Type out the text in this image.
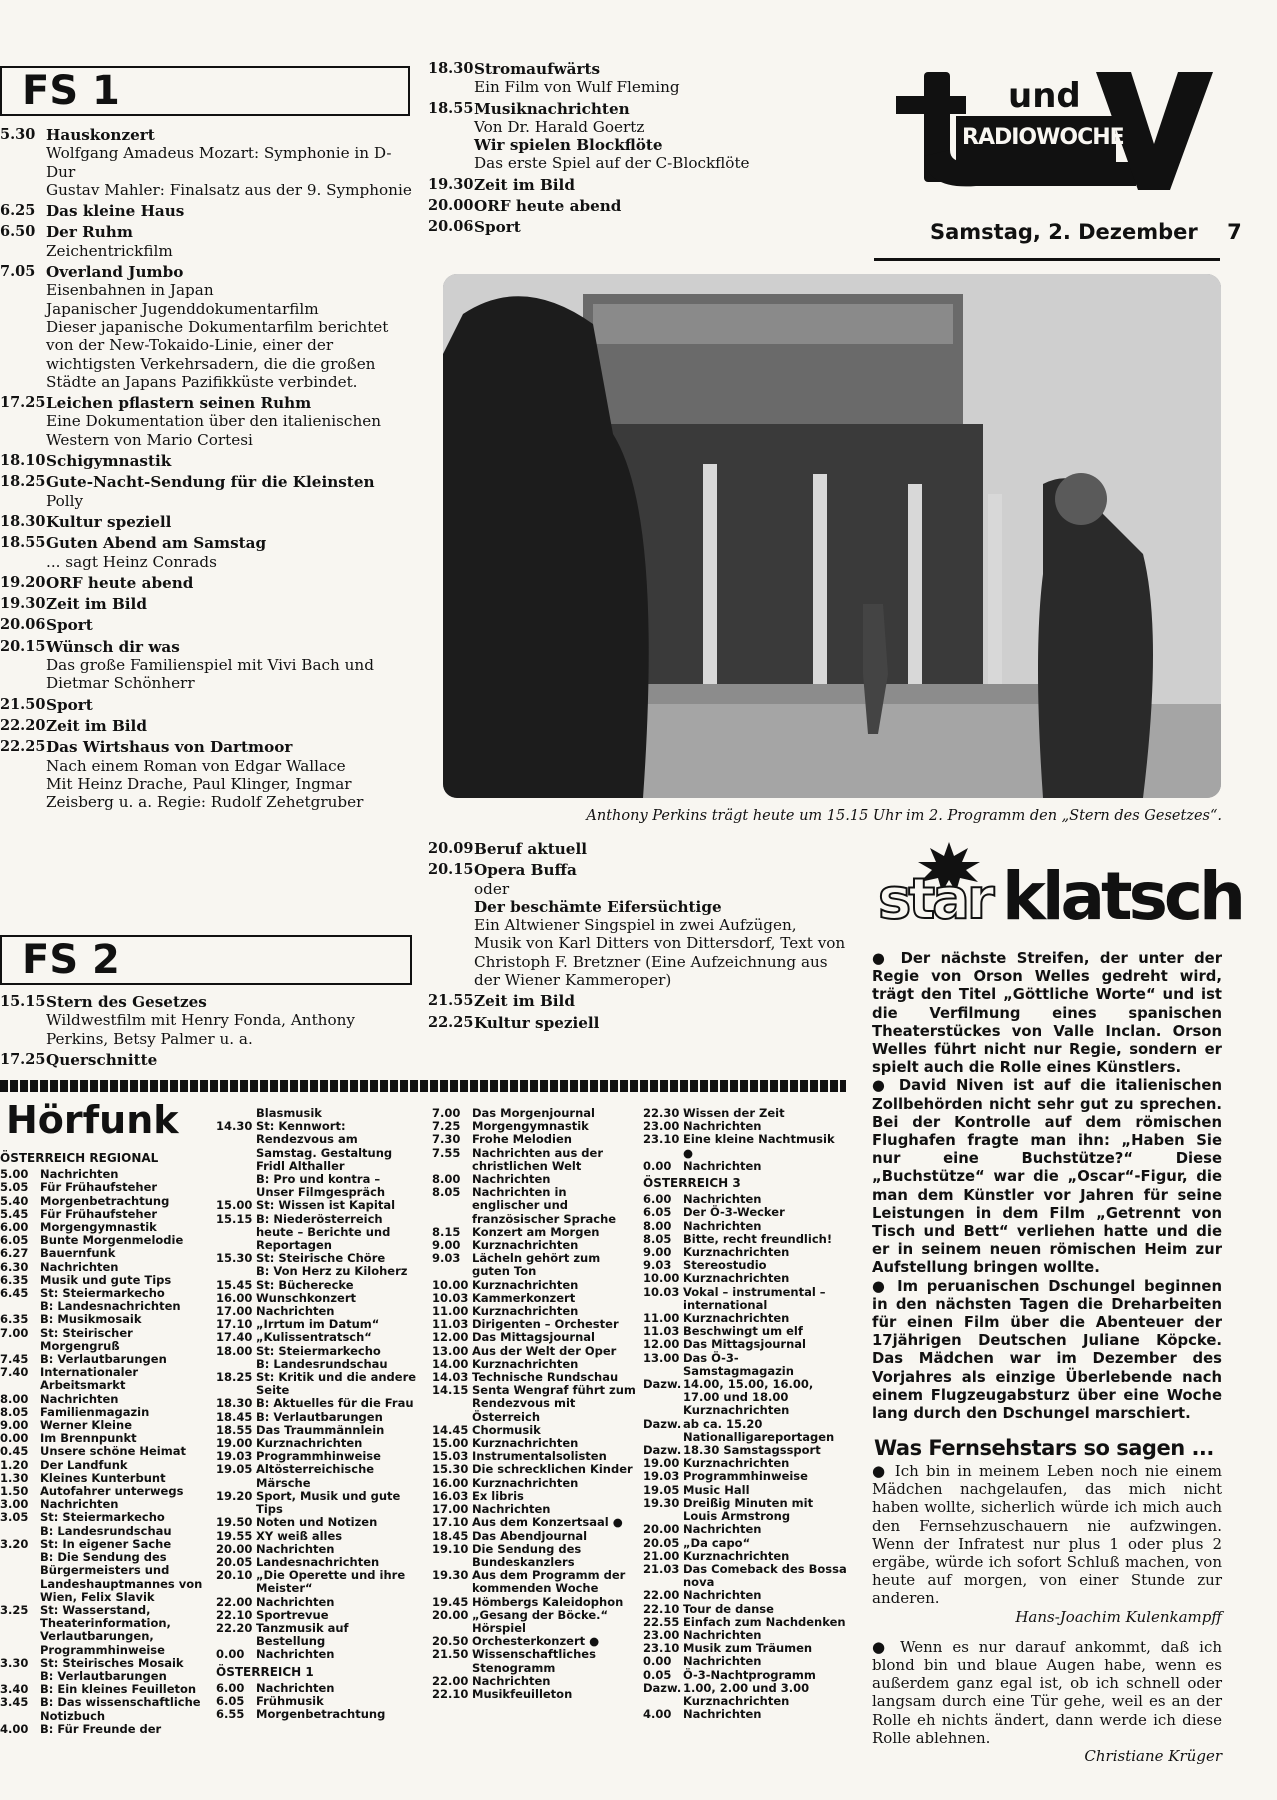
FS 1
5.30 Hauskonzert
Wolfgang Amadeus Mozart: Symphonie in D-Dur
Gustav Mahler: Finalsatz aus der 9. Symphonie
6.25 Das kleine Haus
6.50 Der Ruhm
Zeichentrickfilm
7.05 Overland Jumbo
Eisenbahnen in Japan
Japanischer Jugenddokumentarfilm
Dieser japanische Dokumentarfilm berichtet von der New-Tokaido-Linie, einer der wichtigsten Verkehrsadern, die die großen Städte an Japans Pazifikküste verbindet.
17.25 Leichen pflastern seinen Ruhm
Eine Dokumentation über den italienischen Western von Mario Cortesi
18.10 Schigymnastik
18.25 Gute-Nacht-Sendung für die Kleinsten
Polly
18.30 Kultur speziell
18.55 Guten Abend am Samstag
... sagt Heinz Conrads
19.20 ORF heute abend
19.30 Zeit im Bild
20.06 Sport
20.15 Wünsch dir was
Das große Familienspiel mit Vivi Bach und Dietmar Schönherr
21.50 Sport
22.20 Zeit im Bild
22.25 Das Wirtshaus von Dartmoor
Nach einem Roman von Edgar Wallace
Mit Heinz Drache, Paul Klinger, Ingmar Zeisberg u. a. Regie: Rudolf Zehetgruber
18.30 Stromaufwärts
Ein Film von Wulf Fleming
18.55 Musiknachrichten
Von Dr. Harald Goertz
Wir spielen Blockflöte
Das erste Spiel auf der C-Blockflöte
19.30 Zeit im Bild
20.00 ORF heute abend
20.06 Sport
und
RADIOWOCHE
Samstag, 2. Dezember 7
Anthony Perkins trägt heute um 15.15 Uhr im 2. Programm den „Stern des Gesetzes“.
20.09 Beruf aktuell
20.15 Opera Buffa
oder
Der beschämte Eifersüchtige
Ein Altwiener Singspiel in zwei Aufzügen, Musik von Karl Ditters von Dittersdorf, Text von Christoph F. Bretzner (Eine Aufzeichnung aus der Wiener Kammeroper)
21.55 Zeit im Bild
22.25 Kultur speziell
FS 2
15.15 Stern des Gesetzes
Wildwestfilm mit Henry Fonda, Anthony Perkins, Betsy Palmer u. a.
17.25 Querschnitte
star klatsch

● Der nächste Streifen, der unter der Regie von Orson Welles gedreht wird, trägt den Titel „Göttliche Worte“ und ist die Verfilmung eines spanischen Theaterstückes von Valle Inclan. Orson Welles führt nicht nur Regie, sondern er spielt auch die Rolle eines Künstlers.

● David Niven ist auf die italienischen Zollbehörden nicht sehr gut zu sprechen. Bei der Kontrolle auf dem römischen Flughafen fragte man ihn: „Haben Sie nur eine Buchstütze?“ Diese „Buchstütze“ war die „Oscar“-Figur, die man dem Künstler vor Jahren für seine Leistungen in dem Film „Getrennt von Tisch und Bett“ verliehen hatte und die er in seinem neuen römischen Heim zur Aufstellung bringen wollte.

● Im peruanischen Dschungel beginnen in den nächsten Tagen die Dreharbeiten für einen Film über die Abenteuer der 17jährigen Deutschen Juliane Köpcke. Das Mädchen war im Dezember des Vorjahres als einzige Überlebende nach einem Flugzeugabsturz über eine Woche lang durch den Dschungel marschiert.

Was Fernsehstars so sagen ...

● Ich bin in meinem Leben noch nie einem Mädchen nachgelaufen, das mich nicht haben wollte, sicherlich würde ich mich auch den Fernsehzuschauern nie aufzwingen. Wenn der Infratest nur plus 1 oder plus 2 ergäbe, würde ich sofort Schluß machen, von heute auf morgen, von einer Stunde zur anderen.

Hans-Joachim Kulenkampff

● Wenn es nur darauf ankommt, daß ich blond bin und blaue Augen habe, wenn es außerdem ganz egal ist, ob ich schnell oder langsam durch eine Tür gehe, weil es an der Rolle eh nichts ändert, dann werde ich diese Rolle ablehnen.

Christiane Krüger

Hörfunk
ÖSTERREICH REGIONAL
5.00	Nachrichten
5.05	Für Frühaufsteher
5.40	Morgenbetrachtung
5.45	Für Frühaufsteher
6.00	Morgengymnastik
6.05	Bunte Morgenmelodie
6.27	Bauernfunk
6.30	Nachrichten
6.35	Musik und gute Tips
6.45	St: Steiermarkecho
B: Landesnachrichten
6.35	B: Musikmosaik
7.00	St: Steirischer Morgengruß
7.45	B: Verlautbarungen
7.40	Internationaler Arbeitsmarkt
8.00	Nachrichten
8.05	Familienmagazin
9.00	Werner Kleine
0.00	Im Brennpunkt
0.45	Unsere schöne Heimat
1.20	Der Landfunk
1.30	Kleines Kunterbunt
1.50	Autofahrer unterwegs
3.00	Nachrichten
3.05	St: Steiermarkecho
B: Landesrundschau
3.20	St: In eigener Sache
B: Die Sendung des Bürgermeisters und Landeshauptmannes von Wien, Felix Slavik
3.25	St: Wasserstand, Theaterinformation, Verlautbarungen, Programmhinweise
3.30	St: Steirisches Mosaik
B: Verlautbarungen
3.40	B: Ein kleines Feuilleton
3.45	B: Das wissenschaftliche Notizbuch
4.00	B: Für Freunde der
Blasmusik
14.30 St: Kennwort: Rendezvous am Samstag. Gestaltung Fridl Althaller
B: Pro und kontra – Unser Filmgespräch
15.00 St: Wissen ist Kapital
15.15 B: Niederösterreich heute – Berichte und Reportagen
15.30 St: Steirische Chöre
B: Von Herz zu Kiloherz
15.45 St: Bücherecke
16.00 Wunschkonzert
17.00 Nachrichten
17.10 „Irrtum im Datum“
17.40 „Kulissentratsch“
18.00 St: Steiermarkecho
B: Landesrundschau
18.25 St: Kritik und die andere Seite
18.30 B: Aktuelles für die Frau
18.45 B: Verlautbarungen
18.55 Das Traummännlein
19.00 Kurznachrichten
19.03 Programmhinweise
19.05 Altösterreichische Märsche
19.20 Sport, Musik und gute Tips
19.50 Noten und Notizen
19.55 XY weiß alles
20.00 Nachrichten
20.05 Landesnachrichten
20.10 „Die Operette und ihre Meister“
22.00 Nachrichten
22.10 Sportrevue
22.20 Tanzmusik auf Bestellung
0.00	Nachrichten
ÖSTERREICH 1
6.00	Nachrichten
6.05	Frühmusik
6.55	Morgenbetrachtung
7.00	Das Morgenjournal
7.25	Morgengymnastik
7.30	Frohe Melodien
7.55	Nachrichten aus der christlichen Welt
8.00	Nachrichten
8.05	Nachrichten in englischer und französischer Sprache
8.15	Konzert am Morgen
9.00	Kurznachrichten
9.03	Lächeln gehört zum guten Ton
10.00 Kurznachrichten
10.03 Kammerkonzert
11.00 Kurznachrichten
11.03 Dirigenten – Orchester
12.00 Das Mittagsjournal
13.00 Aus der Welt der Oper
14.00 Kurznachrichten
14.03 Technische Rundschau
14.15 Senta Wengraf führt zum Rendezvous mit Österreich
14.45 Chormusik
15.00 Kurznachrichten
15.03 Instrumentalsolisten
15.30 Die schrecklichen Kinder
16.00 Kurznachrichten
16.03 Ex libris
17.00 Nachrichten
17.10 Aus dem Konzertsaal ●
18.45 Das Abendjournal
19.10 Die Sendung des Bundeskanzlers
19.30 Aus dem Programm der kommenden Woche
19.45 Hömbergs Kaleidophon
20.00 „Gesang der Böcke.“ Hörspiel
20.50 Orchesterkonzert ●
21.50 Wissenschaftliches Stenogramm
22.00 Nachrichten
22.10 Musikfeuilleton
22.30 Wissen der Zeit
23.00 Nachrichten
23.10 Eine kleine Nachtmusik ●
0.00	Nachrichten
ÖSTERREICH 3
6.00	Nachrichten
6.05	Der Ö-3-Wecker
8.00	Nachrichten
8.05	Bitte, recht freundlich!
9.00	Kurznachrichten
9.03	Stereostudio
10.00 Kurznachrichten
10.03 Vokal – instrumental – international
11.00 Kurznachrichten
11.03 Beschwingt um elf
12.00 Das Mittagsjournal
13.00 Das Ö-3-Samstagmagazin
Dazw. 14.00, 15.00, 16.00, 17.00 und 18.00 Kurznachrichten
Dazw. ab ca. 15.20 Nationalligareportagen
Dazw. 18.30 Samstagssport
19.00 Kurznachrichten
19.03 Programmhinweise
19.05 Music Hall
19.30 Dreißig Minuten mit Louis Armstrong
20.00 Nachrichten
20.05 „Da capo“
21.00 Kurznachrichten
21.03 Das Comeback des Bossa nova
22.00 Nachrichten
22.10 Tour de danse
22.55 Einfach zum Nachdenken
23.00 Nachrichten
23.10 Musik zum Träumen
0.00	Nachrichten
0.05	Ö-3-Nachtprogramm
Dazw. 1.00, 2.00 und 3.00 Kurznachrichten
4.00	Nachrichten
